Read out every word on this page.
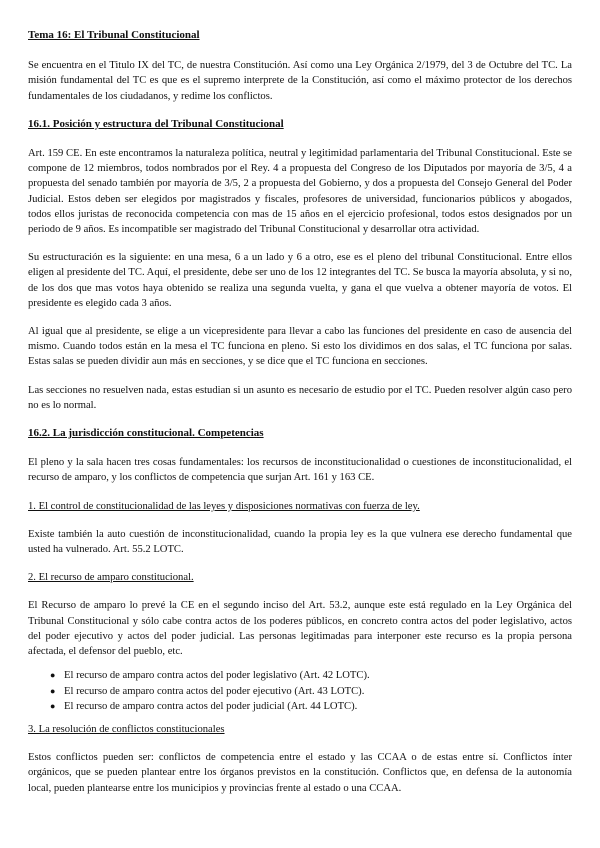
Tema 16: El Tribunal Constitucional

Se encuentra en el Titulo IX del TC, de nuestra Constitución. Así como una Ley Orgánica 2/1979, del 3 de Octubre del TC. La misión fundamental del TC es que es el supremo interprete de la Constitución, así como el máximo protector de los derechos fundamentales de los ciudadanos, y redime los conflictos.

16.1. Posición y estructura del Tribunal Constitucional

Art. 159 CE. En este encontramos la naturaleza política, neutral y legitimidad parlamentaria del Tribunal Constitucional. Este se compone de 12 miembros, todos nombrados por el Rey. 4 a propuesta del Congreso de los Diputados por mayoría de 3/5, 4 a propuesta del senado también por mayoría de 3/5, 2 a propuesta del Gobierno, y dos a propuesta del Consejo General del Poder Judicial. Estos deben ser elegidos por magistrados y fiscales, profesores de universidad, funcionarios públicos y abogados, todos ellos juristas de reconocida competencia con mas de 15 años en el ejercicio profesional, todos estos designados por un periodo de 9 años. Es incompatible ser magistrado del Tribunal Constitucional y desarrollar otra actividad.

Su estructuración es la siguiente: en una mesa, 6 a un lado y 6 a otro, ese es el pleno del tribunal Constitucional. Entre ellos eligen al presidente del TC. Aquí, el presidente, debe ser uno de los 12 integrantes del TC. Se busca la mayoría absoluta, y si no, de los dos que mas votos haya obtenido se realiza una segunda vuelta, y gana el que vuelva a obtener mayoría de votos. El presidente es elegido cada 3 años.

Al igual que al presidente, se elige a un vicepresidente para llevar a cabo las funciones del presidente en caso de ausencia del mismo. Cuando todos están en la mesa el TC funciona en pleno. Si esto los dividimos en dos salas, el TC funciona por salas. Estas salas se pueden dividir aun más en secciones, y se dice que el TC funciona en secciones.

Las secciones no resuelven nada, estas estudian si un asunto es necesario de estudio por el TC. Pueden resolver algún caso pero no es lo normal.

16.2. La jurisdicción constitucional. Competencias

El pleno y la sala hacen tres cosas fundamentales: los recursos de inconstitucionalidad o cuestiones de inconstitucionalidad, el recurso de amparo, y los conflictos de competencia que surjan Art. 161 y 163 CE.

1. El control de constitucionalidad de las leyes y disposiciones normativas con fuerza de ley.

Existe también la auto cuestión de inconstitucionalidad, cuando la propia ley es la que vulnera ese derecho fundamental que usted ha vulnerado. Art. 55.2 LOTC.

2. El recurso de amparo constitucional.

El Recurso de amparo lo prevé la CE en el segundo inciso del Art. 53.2, aunque este está regulado en la Ley Orgánica del Tribunal Constitucional y sólo cabe contra actos de los poderes públicos, en concreto contra actos del poder legislativo, actos del poder ejecutivo y actos del poder judicial. Las personas legitimadas para interponer este recurso es la propia persona afectada, el defensor del pueblo, etc.

● El recurso de amparo contra actos del poder legislativo (Art. 42 LOTC).
● El recurso de amparo contra actos del poder ejecutivo (Art. 43 LOTC).
● El recurso de amparo contra actos del poder judicial (Art. 44 LOTC).
3. La resolución de conflictos constitucionales

Estos conflictos pueden ser: conflictos de competencia entre el estado y las CCAA o de estas entre sí. Conflictos ínter orgánicos, que se pueden plantear entre los órganos previstos en la constitución. Conflictos que, en defensa de la autonomía local, pueden plantearse entre los municipios y provincias frente al estado o una CCAA.
